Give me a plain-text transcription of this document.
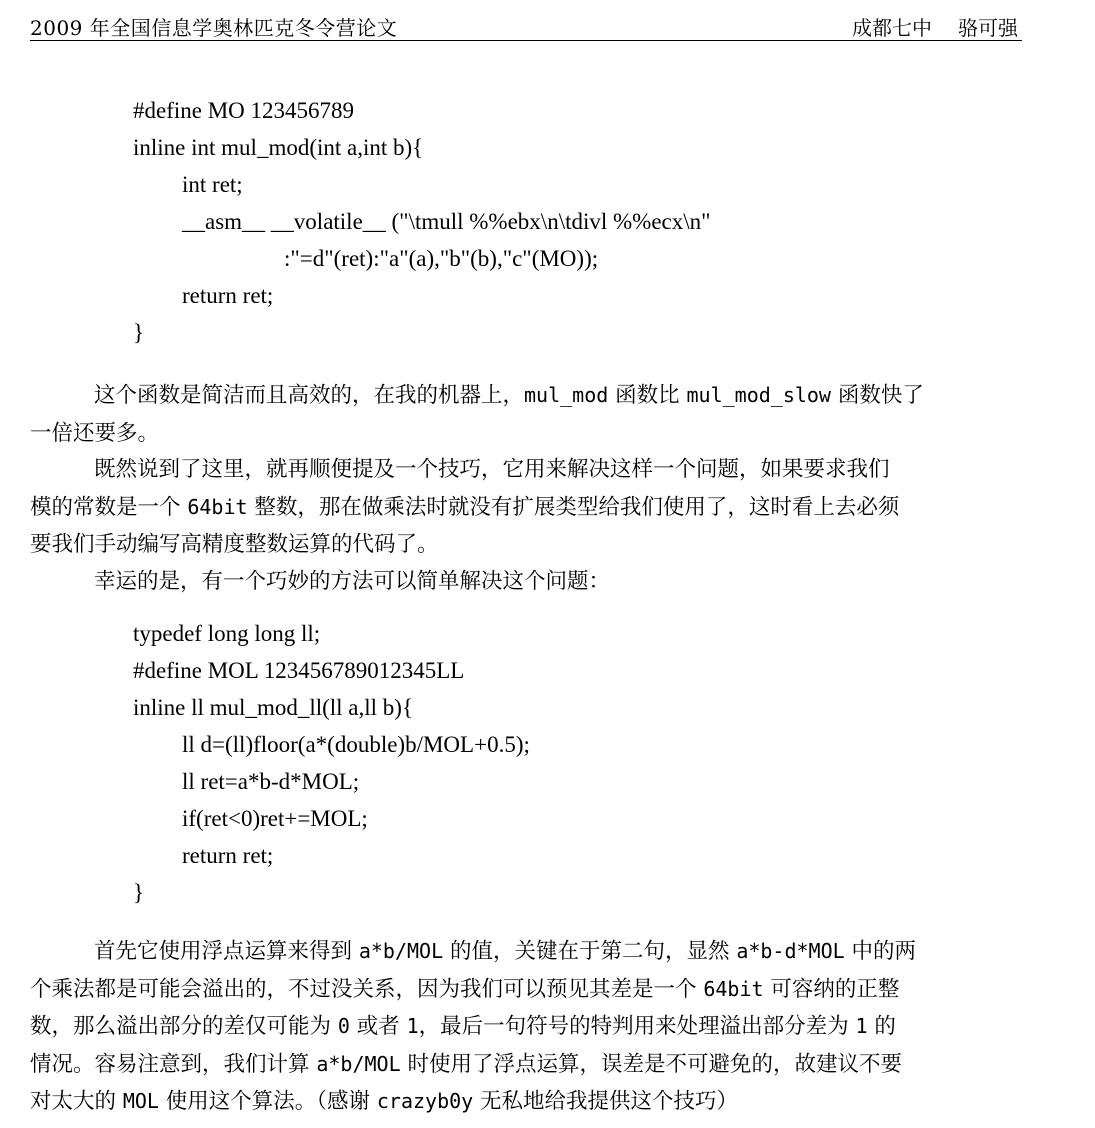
2009 年全国信息学奥林匹克冬令营论文	成都七中 骆可强

#define MO 123456789

inline int mul_mod(int a,int b){

int ret;

__asm__ __volatile__ ("\tmull %%ebx\n\tdivl %%ecx\n"

:"=d"(ret):"a"(a),"b"(b),"c"(MO));

return ret;

}

这个函数是简洁而且高效的，在我的机器上，mul_mod 函数比 mul_mod_slow 函数快了
一倍还要多。
既然说到了这里，就再顺便提及一个技巧，它用来解决这样一个问题，如果要求我们
模的常数是一个 64bit 整数，那在做乘法时就没有扩展类型给我们使用了，这时看上去必须
要我们手动编写高精度整数运算的代码了。
幸运的是，有一个巧妙的方法可以简单解决这个问题：

typedef long long ll;

#define MOL 123456789012345LL

inline ll mul_mod_ll(ll a,ll b){

ll d=(ll)floor(a*(double)b/MOL+0.5);

ll ret=a*b-d*MOL;

if(ret<0)ret+=MOL;

return ret;

}

首先它使用浮点运算来得到 a*b/MOL 的值，关键在于第二句，显然 a*b-d*MOL 中的两
个乘法都是可能会溢出的，不过没关系，因为我们可以预见其差是一个 64bit 可容纳的正整
数，那么溢出部分的差仅可能为 0 或者 1，最后一句符号的特判用来处理溢出部分差为 1 的
情况。容易注意到，我们计算 a*b/MOL 时使用了浮点运算，误差是不可避免的，故建议不要
对太大的 MOL 使用这个算法。（感谢 crazyb0y 无私地给我提供这个技巧）
